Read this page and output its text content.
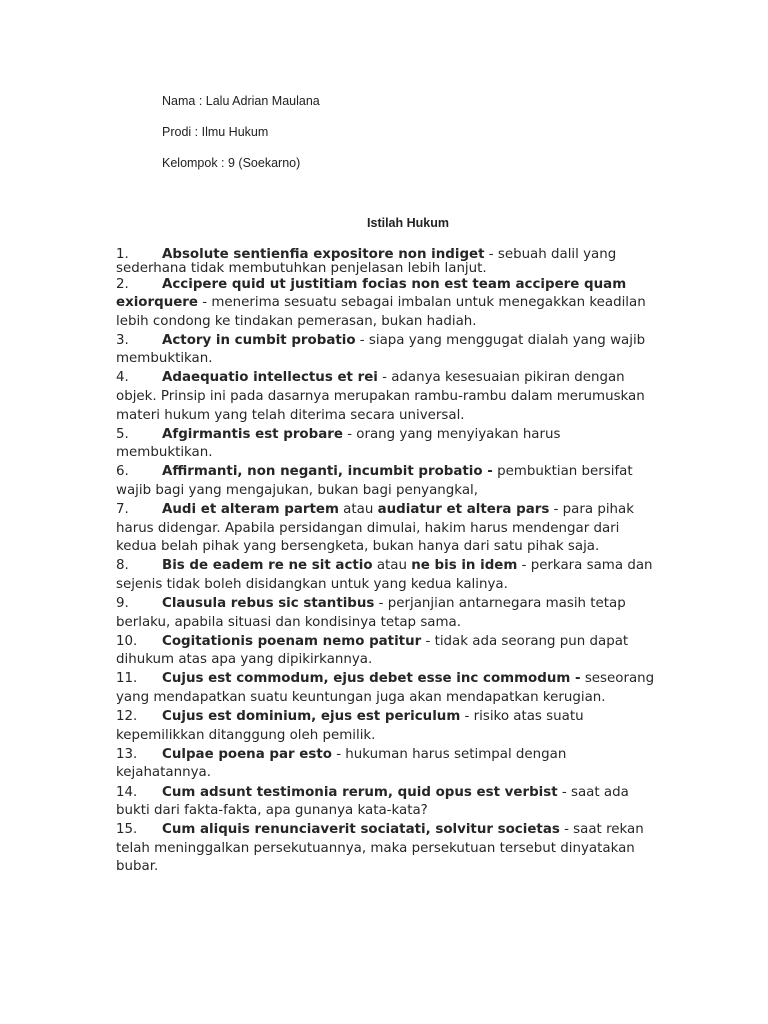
Nama : Lalu Adrian Maulana
Prodi : Ilmu Hukum
Kelompok : 9 (Soekarno)
Istilah Hukum
1. Absolute sentienfia expositore non indiget - sebuah dalil yang sederhana tidak membutuhkan penjelasan lebih lanjut.
2. Accipere quid ut justitiam focias non est team accipere quam exiorquere - menerima sesuatu sebagai imbalan untuk menegakkan keadilan lebih condong ke tindakan pemerasan, bukan hadiah.
3. Actory in cumbit probatio - siapa yang menggugat dialah yang wajib membuktikan.
4. Adaequatio intellectus et rei - adanya kesesuaian pikiran dengan objek. Prinsip ini pada dasarnya merupakan rambu-rambu dalam merumuskan materi hukum yang telah diterima secara universal.
5. Afgirmantis est probare - orang yang menyiyakan harus membuktikan.
6. Affirmanti, non neganti, incumbit probatio - pembuktian bersifat wajib bagi yang mengajukan, bukan bagi penyangkal,
7. Audi et alteram partem atau audiatur et altera pars - para pihak harus didengar. Apabila persidangan dimulai, hakim harus mendengar dari kedua belah pihak yang bersengketa, bukan hanya dari satu pihak saja.
8. Bis de eadem re ne sit actio atau ne bis in idem - perkara sama dan sejenis tidak boleh disidangkan untuk yang kedua kalinya.
9. Clausula rebus sic stantibus - perjanjian antarnegara masih tetap berlaku, apabila situasi dan kondisinya tetap sama.
10. Cogitationis poenam nemo patitur - tidak ada seorang pun dapat dihukum atas apa yang dipikirkannya.
11. Cujus est commodum, ejus debet esse inc commodum - seseorang yang mendapatkan suatu keuntungan juga akan mendapatkan kerugian.
12. Cujus est dominium, ejus est periculum - risiko atas suatu kepemilikkan ditanggung oleh pemilik.
13. Culpae poena par esto - hukuman harus setimpal dengan kejahatannya.
14. Cum adsunt testimonia rerum, quid opus est verbist - saat ada bukti dari fakta-fakta, apa gunanya kata-kata?
15. Cum aliquis renunciaverit sociatati, solvitur societas - saat rekan telah meninggalkan persekutuannya, maka persekutuan tersebut dinyatakan bubar.
